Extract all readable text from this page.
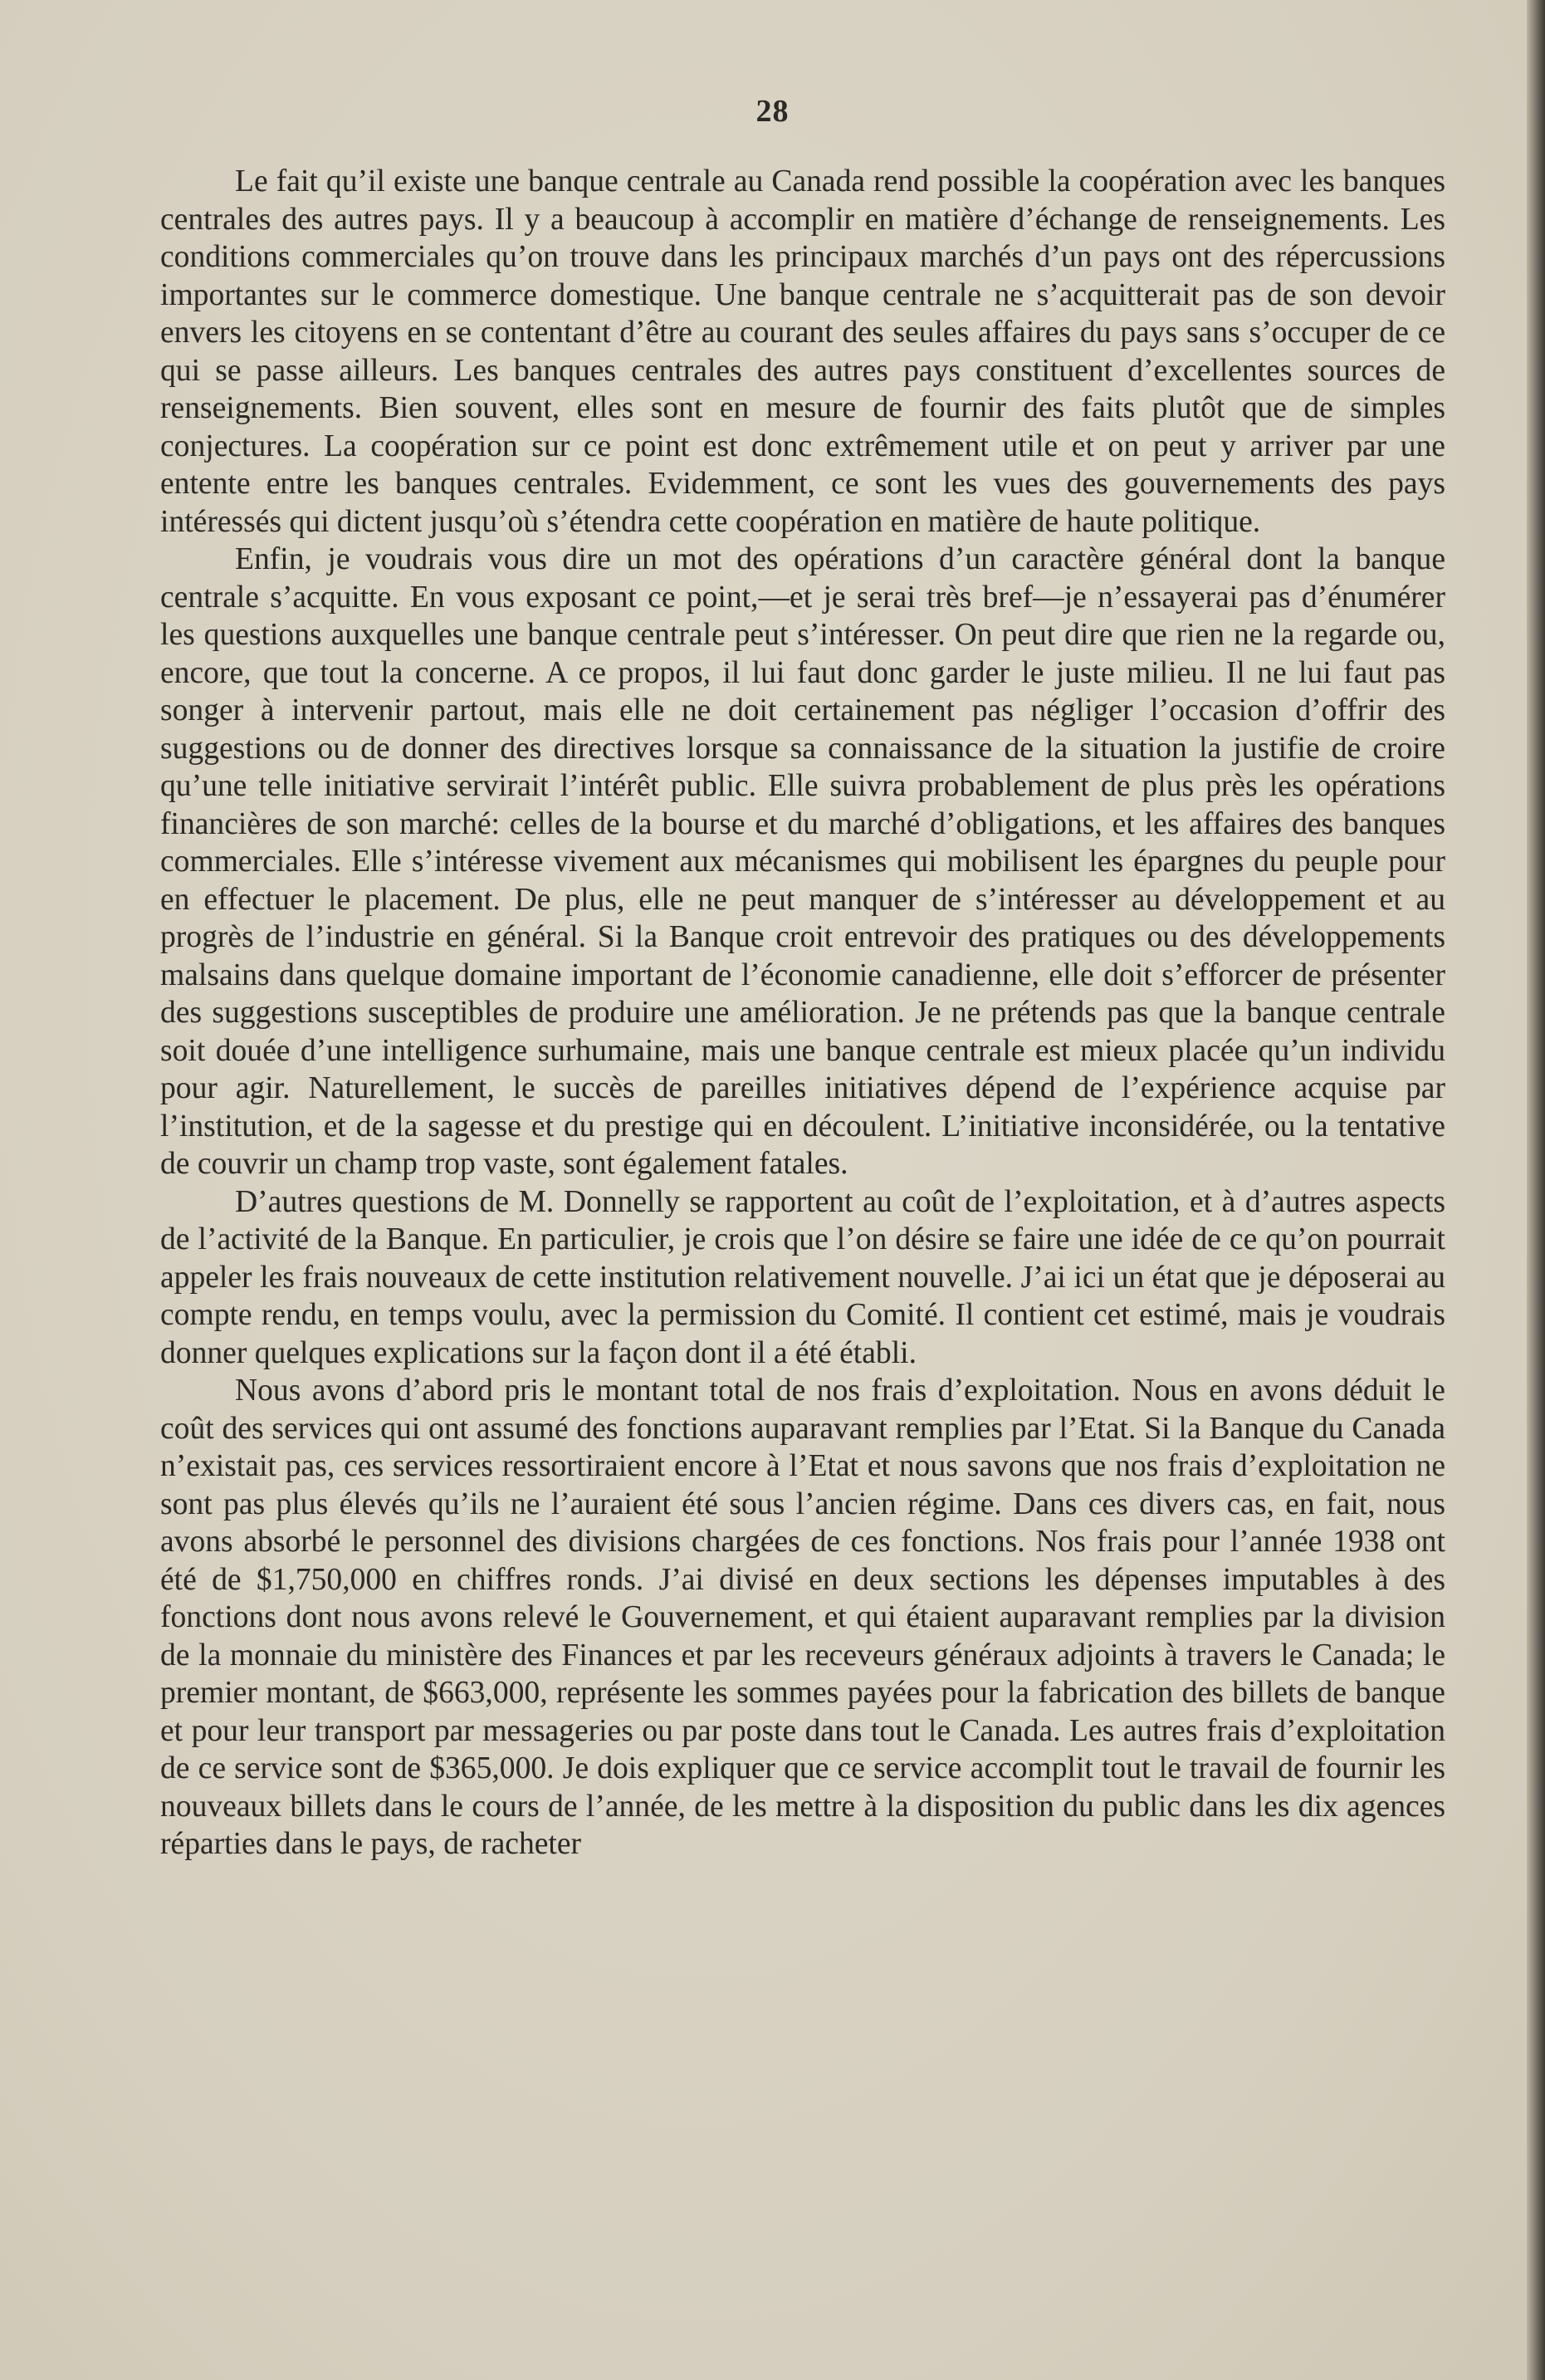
28

Le fait qu’il existe une banque centrale au Canada rend possible la coopération avec les banques centrales des autres pays. Il y a beaucoup à accomplir en matière d’échange de renseignements. Les conditions commerciales qu’on trouve dans les principaux marchés d’un pays ont des répercussions importantes sur le commerce domestique. Une banque centrale ne s’acquitterait pas de son devoir envers les citoyens en se contentant d’être au courant des seules affaires du pays sans s’occuper de ce qui se passe ailleurs. Les banques centrales des autres pays constituent d’excellentes sources de renseignements. Bien souvent, elles sont en mesure de fournir des faits plutôt que de simples conjectures. La coopération sur ce point est donc extrêmement utile et on peut y arriver par une entente entre les banques centrales. Evidemment, ce sont les vues des gouvernements des pays intéressés qui dictent jusqu’où s’étendra cette coopération en matière de haute politique.

Enfin, je voudrais vous dire un mot des opérations d’un caractère général dont la banque centrale s’acquitte. En vous exposant ce point,—et je serai très bref—je n’essayerai pas d’énumérer les questions auxquelles une banque centrale peut s’intéresser. On peut dire que rien ne la regarde ou, encore, que tout la concerne. A ce propos, il lui faut donc garder le juste milieu. Il ne lui faut pas songer à intervenir partout, mais elle ne doit certainement pas négliger l’occasion d’offrir des suggestions ou de donner des directives lorsque sa connaissance de la situation la justifie de croire qu’une telle initiative servirait l’intérêt public. Elle suivra probablement de plus près les opérations financières de son marché: celles de la bourse et du marché d’obligations, et les affaires des banques commerciales. Elle s’intéresse vivement aux mécanismes qui mobilisent les épargnes du peuple pour en effectuer le placement. De plus, elle ne peut manquer de s’intéresser au développement et au progrès de l’industrie en général. Si la Banque croit entrevoir des pratiques ou des développements malsains dans quelque domaine important de l’économie canadienne, elle doit s’efforcer de présenter des suggestions susceptibles de produire une amélioration. Je ne prétends pas que la banque centrale soit douée d’une intelligence surhumaine, mais une banque centrale est mieux placée qu’un individu pour agir. Naturellement, le succès de pareilles initiatives dépend de l’expérience acquise par l’institution, et de la sagesse et du prestige qui en découlent. L’initiative inconsidérée, ou la tentative de couvrir un champ trop vaste, sont également fatales.

D’autres questions de M. Donnelly se rapportent au coût de l’exploitation, et à d’autres aspects de l’activité de la Banque. En particulier, je crois que l’on désire se faire une idée de ce qu’on pourrait appeler les frais nouveaux de cette institution relativement nouvelle. J’ai ici un état que je déposerai au compte rendu, en temps voulu, avec la permission du Comité. Il contient cet estimé, mais je voudrais donner quelques explications sur la façon dont il a été établi.

Nous avons d’abord pris le montant total de nos frais d’exploitation. Nous en avons déduit le coût des services qui ont assumé des fonctions auparavant remplies par l’Etat. Si la Banque du Canada n’existait pas, ces services ressortiraient encore à l’Etat et nous savons que nos frais d’exploitation ne sont pas plus élevés qu’ils ne l’auraient été sous l’ancien régime. Dans ces divers cas, en fait, nous avons absorbé le personnel des divisions chargées de ces fonctions. Nos frais pour l’année 1938 ont été de $1,750,000 en chiffres ronds. J’ai divisé en deux sections les dépenses imputables à des fonctions dont nous avons relevé le Gouvernement, et qui étaient auparavant remplies par la division de la monnaie du ministère des Finances et par les receveurs généraux adjoints à travers le Canada; le premier montant, de $663,000, représente les sommes payées pour la fabrication des billets de banque et pour leur transport par messageries ou par poste dans tout le Canada. Les autres frais d’exploitation de ce service sont de $365,000. Je dois expliquer que ce service accomplit tout le travail de fournir les nouveaux billets dans le cours de l’année, de les mettre à la disposition du public dans les dix agences réparties dans le pays, de racheter
